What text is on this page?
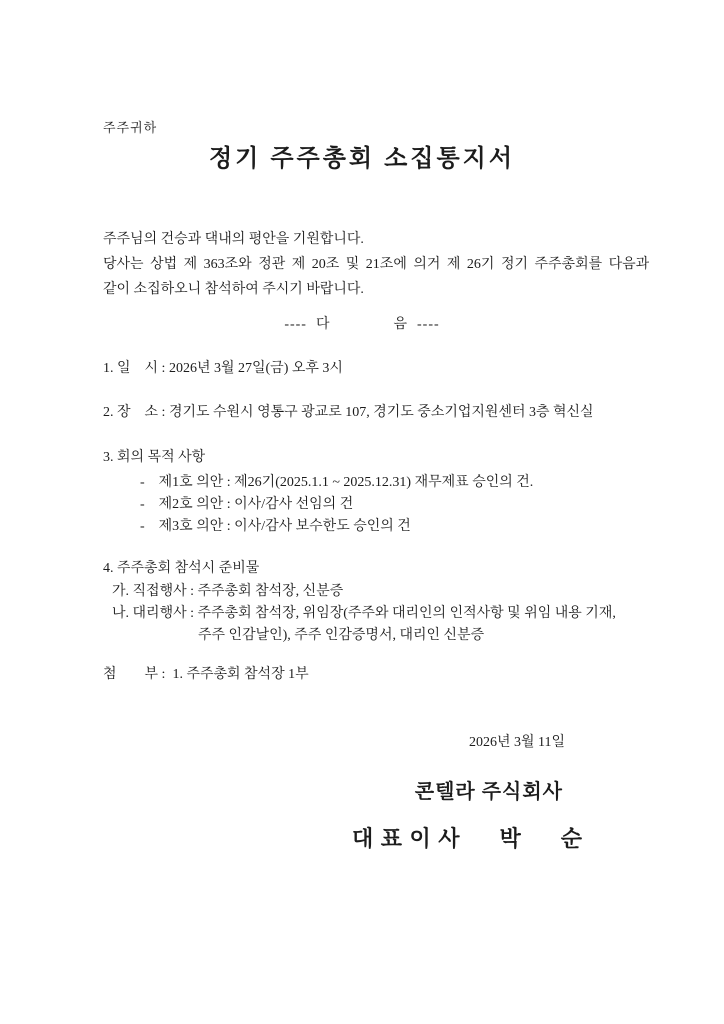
주주귀하
정기 주주총회 소집통지서
주주님의 건승과 댁내의 평안을 기원합니다.
당사는 상법 제 363조와 정관 제 20조 및 21조에 의거 제 26기 정기 주주총회를 다음과
같이 소집하오니 참석하여 주시기 바랍니다.
----  다              음  ----
1. 일    시 : 2026년 3월 27일(금) 오후 3시
2. 장    소 : 경기도 수원시 영통구 광교로 107, 경기도 중소기업지원센터 3층 혁신실
3. 회의 목적 사항
-    제1호 의안 : 제26기(2025.1.1 ~ 2025.12.31) 재무제표 승인의 건.
-    제2호 의안 : 이사/감사 선임의 건
-    제3호 의안 : 이사/감사 보수한도 승인의 건
4. 주주총회 참석시 준비물
가. 직접행사 : 주주총회 참석장, 신분증
나. 대리행사 : 주주총회 참석장, 위임장(주주와 대리인의 인적사항 및 위임 내용 기재,
주주 인감날인), 주주 인감증명서, 대리인 신분증
첨        부 :  1. 주주총회 참석장 1부
2026년 3월 11일
콘텔라 주식회사
대 표 이 사      박      순
